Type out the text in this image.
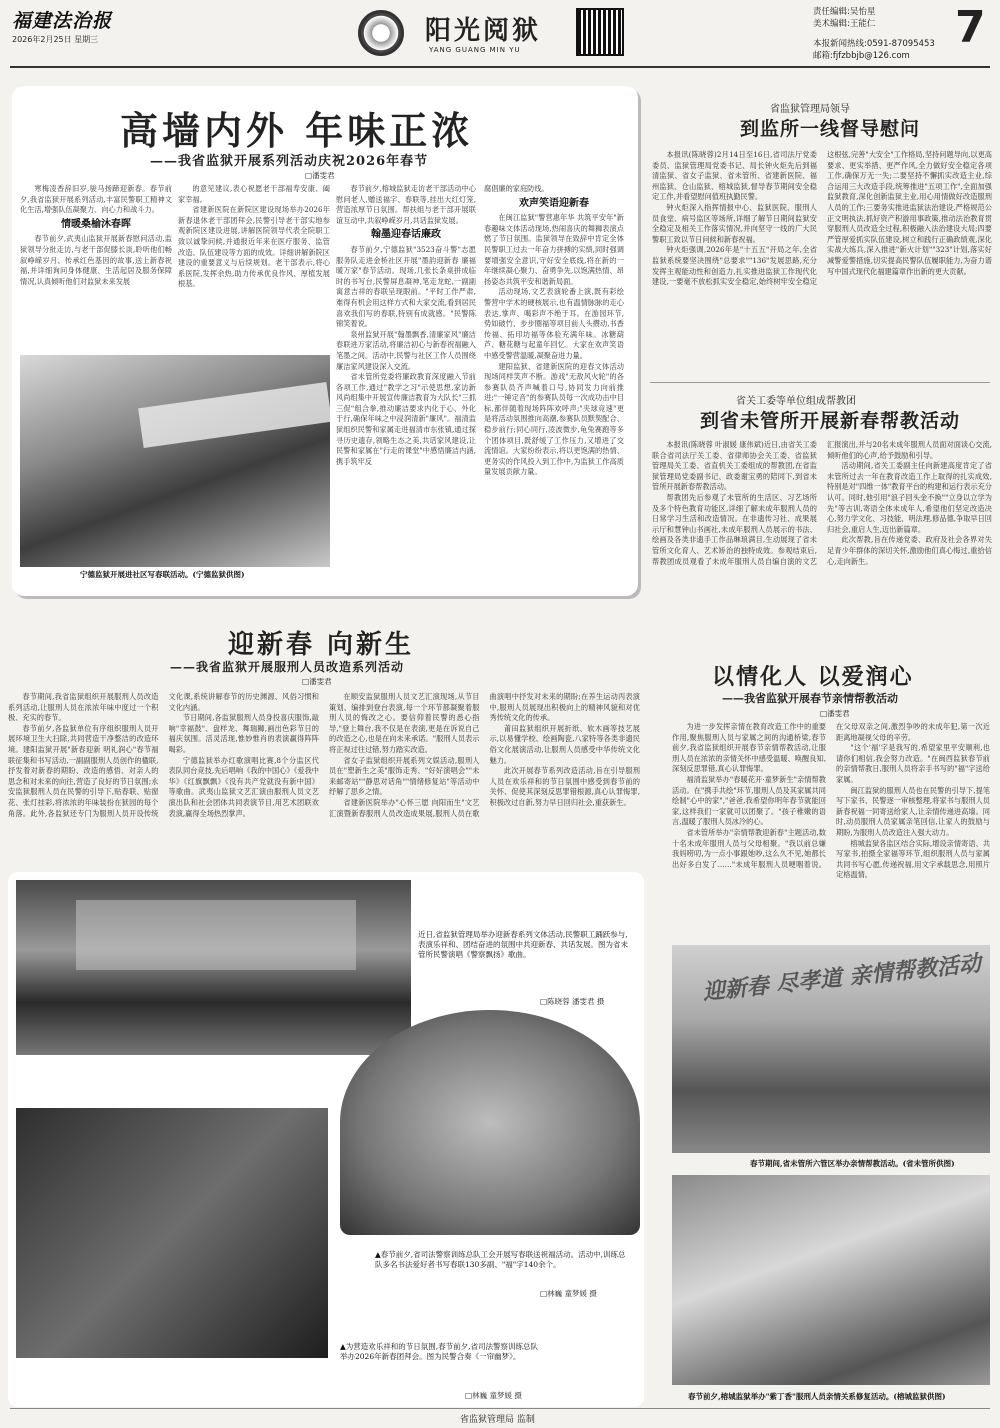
福建法治报
2026年2月25日 星期三	阳光阅狱
YANG GUANG MIN YU
责任编辑:吴怡星
美术编辑:王能仁
本报新闻热线:0591-87095453
邮箱:fjfzbbjb@126.com
7
高墙内外 年味正浓
——我省监狱开展系列活动庆祝2026年春节
□潘雯君

寒梅凌香辞旧岁,骏马扬蹄迎新春。春节前夕,我省监狱开展系列活动,丰富民警职工精神文化生活,增强队伍凝聚力、向心力和战斗力。

情暖桑榆沐春晖

春节前夕,武夷山监狱开展新春慰问活动,监狱领导分批走访,与老干部促膝长谈,聆听他们畅叙峥嵘岁月、传承红色基因的故事,送上新春祝福,并详细询问身体健康、生活起居及服务保障情况,认真倾听他们对监狱未来发展

的意见建议,表心祝愿老干部福寿安康、阖家幸福。

省建新医院在新院区建设现场举办2026年新春退休老干部团拜会,民警引导老干部实地参观新院区建设进展,讲解医院领导代表全院职工致以诚挚问候,并通报近年来在医疗服务、监管改造、队伍建设等方面的成效。详细讲解新院区建设的重要意义与后续规划。老干部表示,将心系医院,发挥余热,助力传承优良作风、厚植发展根基。

春节前夕,榕城监狱走访老干部活动中心慰问老人,赠送福字、春联等,挂出大红灯笼,营造浓厚节日氛围。帮扶组与老干部开展联谊互动中,共叙峥嵘岁月,共话监狱发展。

翰墨迎春话廉政

春节前夕,宁德监狱"3523奋斗警"志愿服务队走进金桥社区开展"墨韵迎新春 廉福暖万家"春节活动。现场,几张长条桌拼成临时的书写台,民警屏息凝神,笔走龙蛇,一副副寓意吉祥的春联呈现眼前。"平时工作严肃,难得有机会用这样方式和大家交流,看到居民喜欢我们写的春联,特别有成就感。"民警陈锦笑着说。

泉州监狱开展"翰墨飘香,清廉家风"廉洁春联进万家活动,将廉洁初心与新春祝福融入笔墨之间。活动中,民警与社区工作人员围绕廉洁家风建设深入交流。

省未管所党委将廉政教育深度融入节前各项工作,通过"教学之习"示使思想,家访新风尚组集中开展宣传廉洁教育为大队长"三抓三促"组合拳,推动廉洁要求内化于心、外化于行,确保年味之中浸润清新"廉风"。福清监狱组织民警和家属走进福清市东张镇,通过探寻历史遗存,领略生态之美,共话家风建设,让民警和家属在"行走的课堂"中感悟廉洁内涵,携手筑牢反

腐倡廉的家庭防线。

欢声笑语迎新春

在闽江监狱"警营惠年华 共筑平安年"新春趣味文体活动现场,热闹喜庆的舞狮表演点燃了节日氛围。监狱领导在致辞中肯定全体民警职工过去一年奋力拼搏的实绩,同时强调要增强安全意识,守好安全底线,将在新的一年继续凝心聚力、奋勇争先,以饱满热情、昂扬姿态共筑平安和谐新局面。

活动现场,文艺表演轮番上演,既有彩绘警营中学术的硬核展示,也有温情脉脉的走心表达,掌声、喝彩声不绝于耳。在游园环节,势如破竹、步步圈福等项目前人头攒动,书香传福、拓印坊福等体验充满年味。冰糖葫芦、糖花糖与起童年回忆。大家在欢声笑语中感受警营温暖,凝聚奋进力量。

建阳监狱、省建新医院的迎春文体活动现场同样笑声不断。游戏"无敌风火轮"的各参赛队员齐声喊着口号,协同发力向前推进;"一锤定音"的参赛队员每一次成功击中目标,都伴随着现场阵阵欢呼声;"夹球竞速"更是将活动氛围推向高潮,参赛队员默契配合、稳步前行;同心同行,凌波微步,龟兔赛跑等多个团体项目,既舒缓了工作压力,又增进了交流情谊。大家纷纷表示,将以更饱满的热情、更务实的作风投入到工作中,为监狱工作高质量发展贡献力量。

宁德监狱开展进社区写春联活动。(宁德监狱供图)
省监狱管理局领导
到监所一线督导慰问

本报讯(陈晓蓉)2月14日至16日,省司法厅党委委员、监狱管理局党委书记、局长钟火炬先后到福清监狱、省女子监狱、省未管所、省建新医院、福州监狱、仓山监狱、榕城监狱,督导春节期间安全稳定工作,并看望慰问值班执勤民警。

钟火炬深入指挥情报中心、监狱医院、服刑人员食堂、病号监区等场所,详细了解节日期间监狱安全稳定及相关工作落实情况,并向坚守一线的广大民警职工致以节日问候和新春祝福。

钟火炬强调,2026年是"十五五"开局之年,全省监狱系统要坚决围绕"总要求""136"发展思路,充分发挥主观能动性和创造力,扎实推进监狱工作现代化建设,一要毫不放松抓实安全稳定,始终树牢安全稳定这根弦,完善"大安全"工作格局,坚持问题导向,以更高要求、更实举措、更严作风,全力做好安全稳定各项工作,确保万无一失;二要坚持不懈抓实改造主业,综合运用三大改造手段,统筹推进"五项工作",全面加强监狱教育,深化创新监狱主业,用心用情做好改造服刑人员的工作;三要务实推进监狱法治建设,严格规范公正文明执法,抓好资产积游用事政策,推动法治教育贯穿服刑人员改造全过程,积极融入法治建设大局;四要严管厚爱抓实队伍建设,树立和践行正确政绩观,深化实战大练兵,深入推进"新火计划""323"计划,落实好减警爱警措施,切实提高民警队伍履职能力,为奋力谱写中国式现代化福建篇章作出新的更大贡献。

省关工委等单位组成帮教团
到省未管所开展新春帮教活动

本报讯(陈晓蓉 叶淑媛 康伟斌)近日,由省关工委联合省司法厅关工委、省律师协会关工委、省监狱管理局关工委、省直机关工委组成的帮教团,在省监狱管理局党委副书记、政委谢宝勇的陪同下,到省未管所开展新春帮教活动。

帮教团先后参观了未管所的生活区、习艺场所及多个特色教育功能区,详细了解未成年服刑人员的日常学习生活和改造情况。在非遗传习社、成果展示厅和慧钟山书画社,未成年服刑人员展示的书法、绘画及各类非遗手工作品琳琅满目,生动展现了省未管所文化育人、艺术矫治的独特成效。参观结束后,帮教团成员观看了未成年服刑人员自编自演的文艺汇报演出,并与20名未成年服刑人员面对面谈心交流,倾听他们的心声,给予鼓励和引导。

活动期间,省关工委副主任向新建高度肯定了省未管所过去一年在教育改造工作上取得的扎实成效,特别是对"四维一体"教育平台的构建和运行表示充分认可。同时,他引用"浪子回头金不换""立身以立学为先"等古训,寄语全体未成年人,希望他们坚定改造决心,努力学文化、习技能、明法理,修品德,争取早日回归社会,重启人生,迈出新篇章。

此次帮教,旨在传递党委、政府及社会各界对失足青少年群体的深切关怀,激励他们真心悔过,重拾信心,走向新生。

迎新春 向新生
——我省监狱开展服刑人员改造系列活动
□潘雯君

春节期间,我省监狱组织开展服刑人员改造系列活动,让服刑人员在浓浓年味中度过一个积极、充实的春节。

春节前夕,各监狱单位有序组织服刑人员开展环境卫生大扫除,共同营造干净整洁的改造环境。建阳监狱开展"新春迎新 明礼润心"春节福联征集和书写活动,一副副服刑人员创作的楹联,抒发着对新春的期盼、改造的感悟、对亲人的思念和对未来的向往,营造了良好的节日氛围;永安监狱服刑人员在民警的引导下,贴春联、贴窗花、张灯挂彩,将浓浓的年味装扮在狱园的每个角落。此外,各监狱还专门为服刑人员开设传统文化课,系统讲解春节的历史渊源、风俗习惯和文化内涵。

节日期间,各监狱服刑人员身投喜庆服饰,敲响"幸福鼓"、盘样龙、舞瑞狮,画出色彩节日的福庆氛围。活灵活现,惟妙惟肖的表演赢得阵阵喝彩。

宁德监狱举办红歌演唱比赛,8个分监区代表队同台竞技,先后唱响《我的中国心》《爱我中华》《红旗飘飘》《没有共产党就没有新中国》等歌曲。武夷山监狱文艺汇演由服刑人员文艺演出队和社会团体共同表演节目,用艺术团联欢表演,赢得全场热烈掌声。

在顺安监狱服刑人员文艺汇演现场,从节目策划、编排到登台表演,每一个环节都凝聚着服刑人员的悔改之心。要信仰着民警的悉心指导,"登上舞台,我不仅是在表演,更是在诉说自己的改造之心,也是在向未来承诺。"服刑人员表示将正视过往过错,努力踏实改造。

省女子监狱组织开展系列文娱活动,服刑人员在"塑新生之美"服饰走秀、"好好演唱会""未来邮寄站""静思对话角""情绪修复站"等活动中纾解了思乡之情。

省建新医院举办"心怀三愿 向阳而生"文艺汇演暨新春服刑人员改造成果展,服刑人员在歌曲演唱中抒发对未来的期盼;在养生运动丙表演中,服刑人员展现出积极向上的精神风貌和对优秀传统文化的传承。

莆田监狱组织开展折纸、软木画等技艺展示,以易懂学校、绘画陶瓷,八家特等各类非遗民俗文化展演活动,让服刑人员感受中华传统文化魅力。

此次开展春节系列改造活动,旨在引导服刑人员在欢乐祥和的节日氛围中感受到春节前的关怀、促使其深刻反思罪错根源,真心认罪悔罪,积极改过自新,努力早日回归社会,重获新生。

近日,省监狱管理局举办迎新春系列文体活动,民警职工踊跃参与,表演乐祥和、团结奋进的氛围中共迎新春、共话发展。图为省未管所民警演唱《警察飘扬》歌曲。
□陈晓蓉 潘雯君 摄
▲春节前夕,省司法警察训练总队工会开展写春联送祝福活动。活动中,训练总队多名书法爱好者书写春联130多副、"福"字140余个。
□林巍 童梦媛 摄
▲为营造欢乐祥和的节日氛围,春节前夕,省司法警察训练总队举办2026年新春团拜会。图为民警合奏《一帘幽梦》。
□林巍 童梦媛 摄
以情化人 以爱润心
——我省监狱开展春节亲情帮教活动
□潘雯君

为进一步发挥亲情在教育改造工作中的重要作用,聚焦服刑人员与家属之间的沟通桥梁,春节前夕,我省监狱组织开展春节亲情帮教活动,让服刑人员在浓浓的亲情关怀中感受温暖、唤醒良知,深刻反思罪错,真心认罪悔罪。

福清监狱举办"春暖花开·童梦新生"亲情帮教活动。在"携手共绘"环节,服刑人员及其家属共同绘制"心中的家","爸爸,我希望你明年春节就能回家,这样我们一家就可以团聚了。"孩子稚嫩的语言,温暖了服刑人员冰冷的心。

省未管所举办"亲情帮教迎新春"主题活动,数十名未成年服刑人员与父母相聚。"我以前总嫌我妈唠叨,为一点小事跟她吵,这么久不见,她都长出好多白发了……"未成年服刑人员哽咽着说。在父母双亲之间,激烈争吵的未成年犯,第一次近距离地凝视父母的辛劳。

"这个'福'字是我写的,希望家里平安顺利,也请你们相信,我会努力改造。"在闽西监狱春节前的亲情帮教日,服刑人员将亲手书写的"福"字送给家属。

闽江监狱的服刑人员也在民警的引导下,提笔写下家书、民警逐一审核整理,将家书与服刑人员新春祝福一同寄送给家人,让亲情传递进高墙。同时,动员服刑人员家属亲笔回信,让家人的鼓励与期盼,为服刑人员改造注入强大动力。

榕城监狱各监区结合实际,增设亲情寄语、共写家书,拍摄全家福等环节,组织服刑人员与家属共同书写心愿,传递祝福,用文字承载思念,用照片定格温情。

迎新春 尽孝道 亲情帮教活动
春节期间,省未管所六管区举办亲情帮教活动。(省未管所供图)
春节前夕,榕城监狱举办"紫丁香"服刑人员亲情关系修复活动。(榕城监狱供图)
省监狱管理局 监制
